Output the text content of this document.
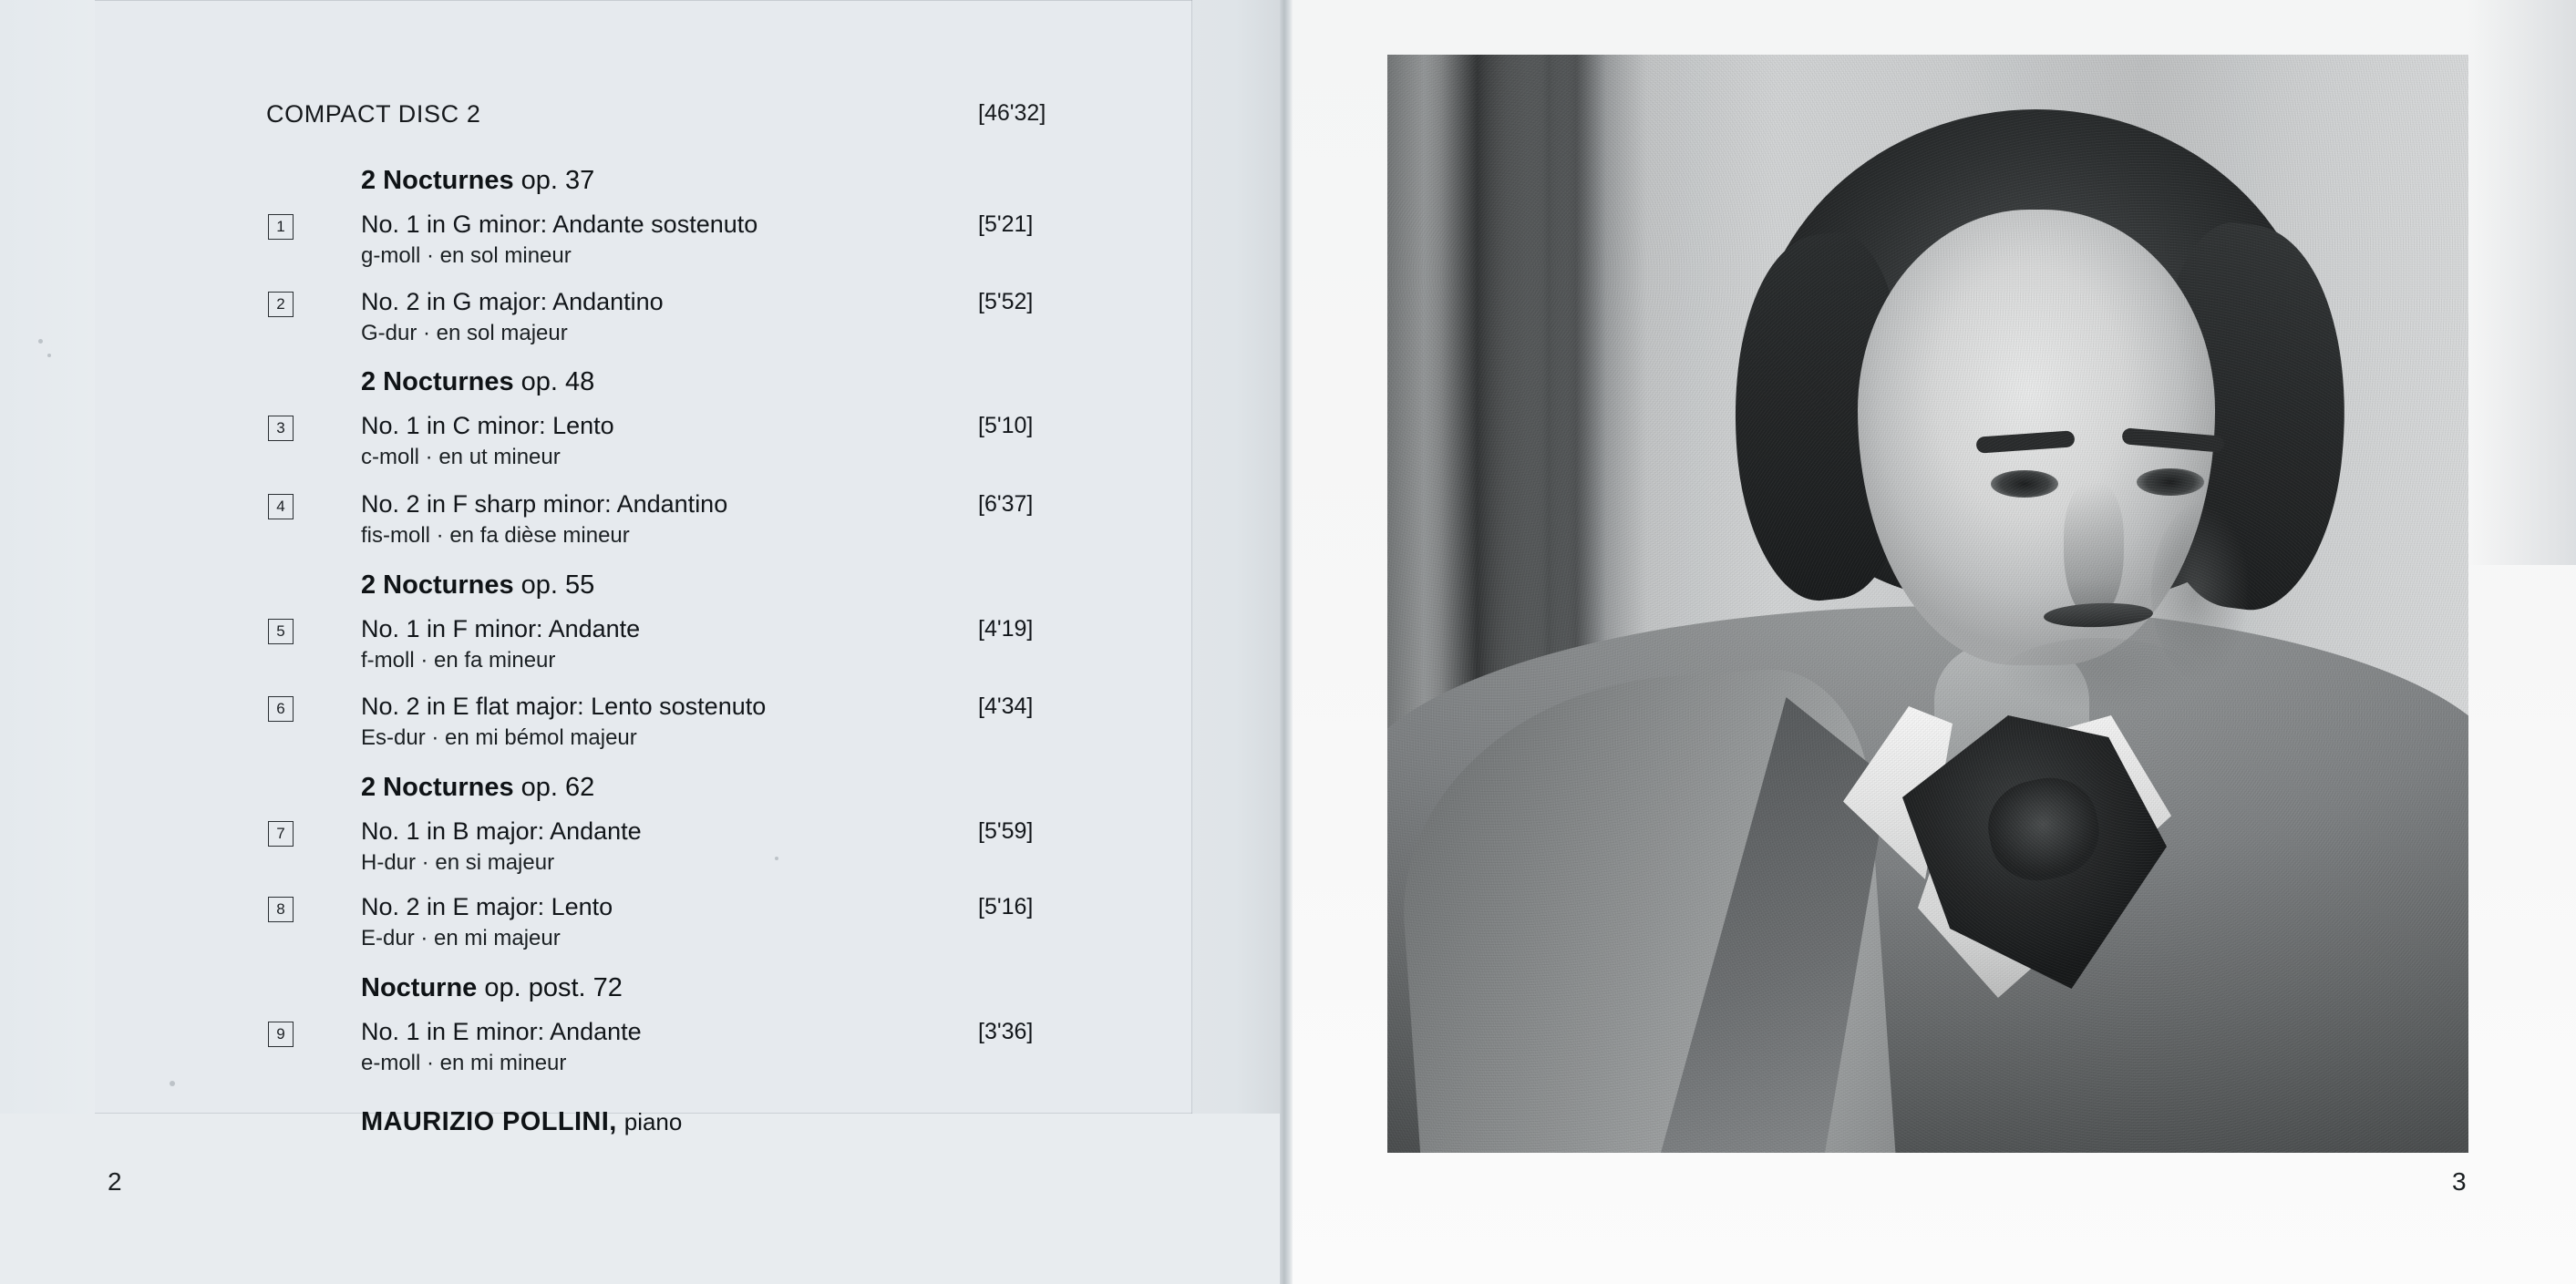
COMPACT DISC 2	[46'32]
2 Nocturnes op. 37
1	No. 1 in G minor: Andante sostenuto
g-moll · en sol mineur
[5'21]
2	No. 2 in G major: Andantino
G-dur · en sol majeur
[5'52]
2 Nocturnes op. 48
3	No. 1 in C minor: Lento
c-moll · en ut mineur
[5'10]
4	No. 2 in F sharp minor: Andantino
fis-moll · en fa dièse mineur
[6'37]
2 Nocturnes op. 55
5	No. 1 in F minor: Andante
f-moll · en fa mineur
[4'19]
6	No. 2 in E flat major: Lento sostenuto
Es-dur · en mi bémol majeur
[4'34]
2 Nocturnes op. 62
7	No. 1 in B major: Andante
H-dur · en si majeur
[5'59]
8	No. 2 in E major: Lento
E-dur · en mi majeur
[5'16]
Nocturne op. post. 72
9	No. 1 in E minor: Andante
e-moll · en mi mineur
[3'36]
MAURIZIO POLLINI, piano
2	3
